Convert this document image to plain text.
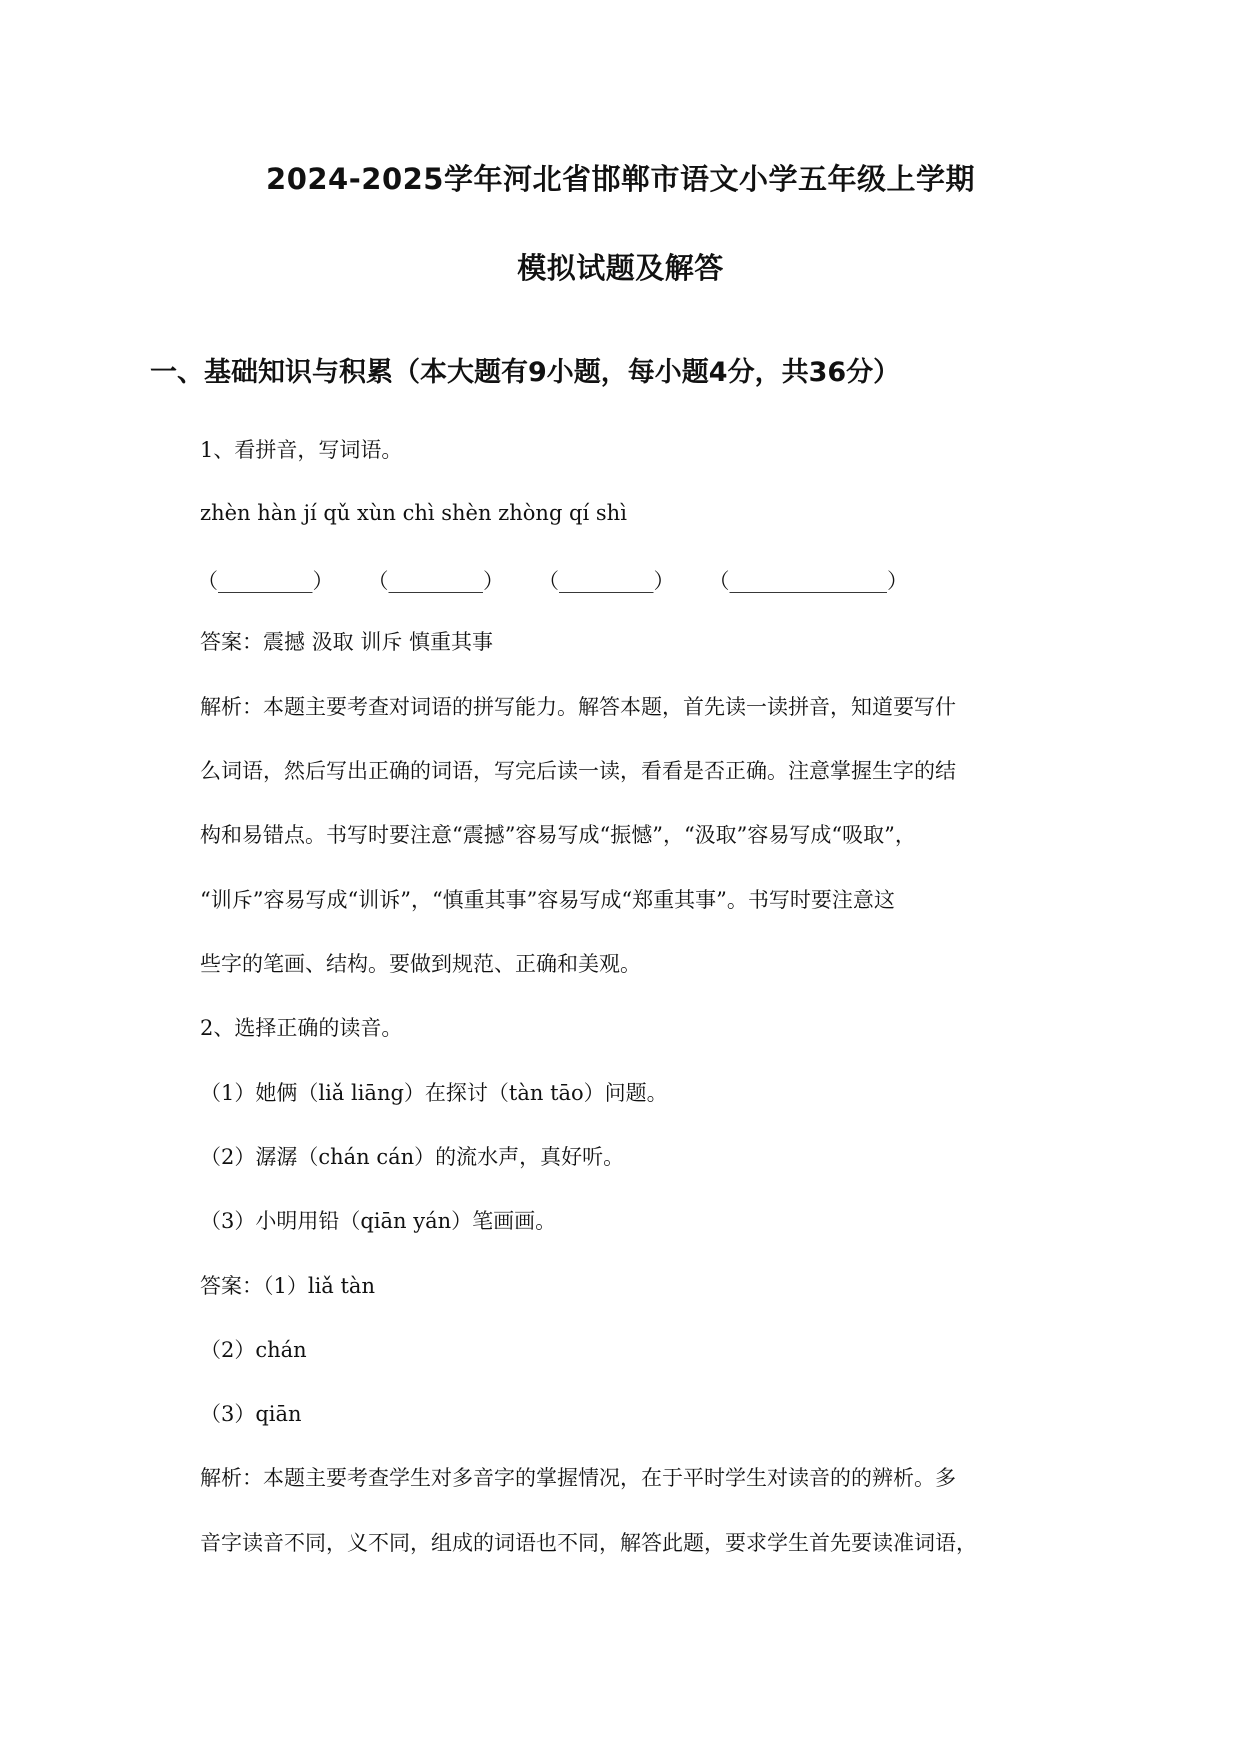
2024-2025学年河北省邯郸市语文小学五年级上学期
模拟试题及解答
一、基础知识与积累（本大题有9小题，每小题4分，共36分）
1、看拼音，写词语。
zhèn hàn jí qǔ xùn chì shèn zhòng qí shì
（_________） （_________） （_________） （_______________）
答案：震撼 汲取 训斥 慎重其事
解析：本题主要考查对词语的拼写能力。解答本题，首先读一读拼音，知道要写什
么词语，然后写出正确的词语，写完后读一读，看看是否正确。注意掌握生字的结
构和易错点。书写时要注意“震撼”容易写成“振憾”，“汲取”容易写成“吸取”，
“训斥”容易写成“训诉”，“慎重其事”容易写成“郑重其事”。书写时要注意这
些字的笔画、结构。要做到规范、正确和美观。
2、选择正确的读音。
（1）她俩（liǎ liāng）在探讨（tàn tāo）问题。
（2）潺潺（chán cán）的流水声，真好听。
（3）小明用铅（qiān yán）笔画画。
答案：（1）liǎ tàn
（2）chán
（3）qiān
解析：本题主要考查学生对多音字的掌握情况，在于平时学生对读音的的辨析。多
音字读音不同，义不同，组成的词语也不同，解答此题，要求学生首先要读准词语，
